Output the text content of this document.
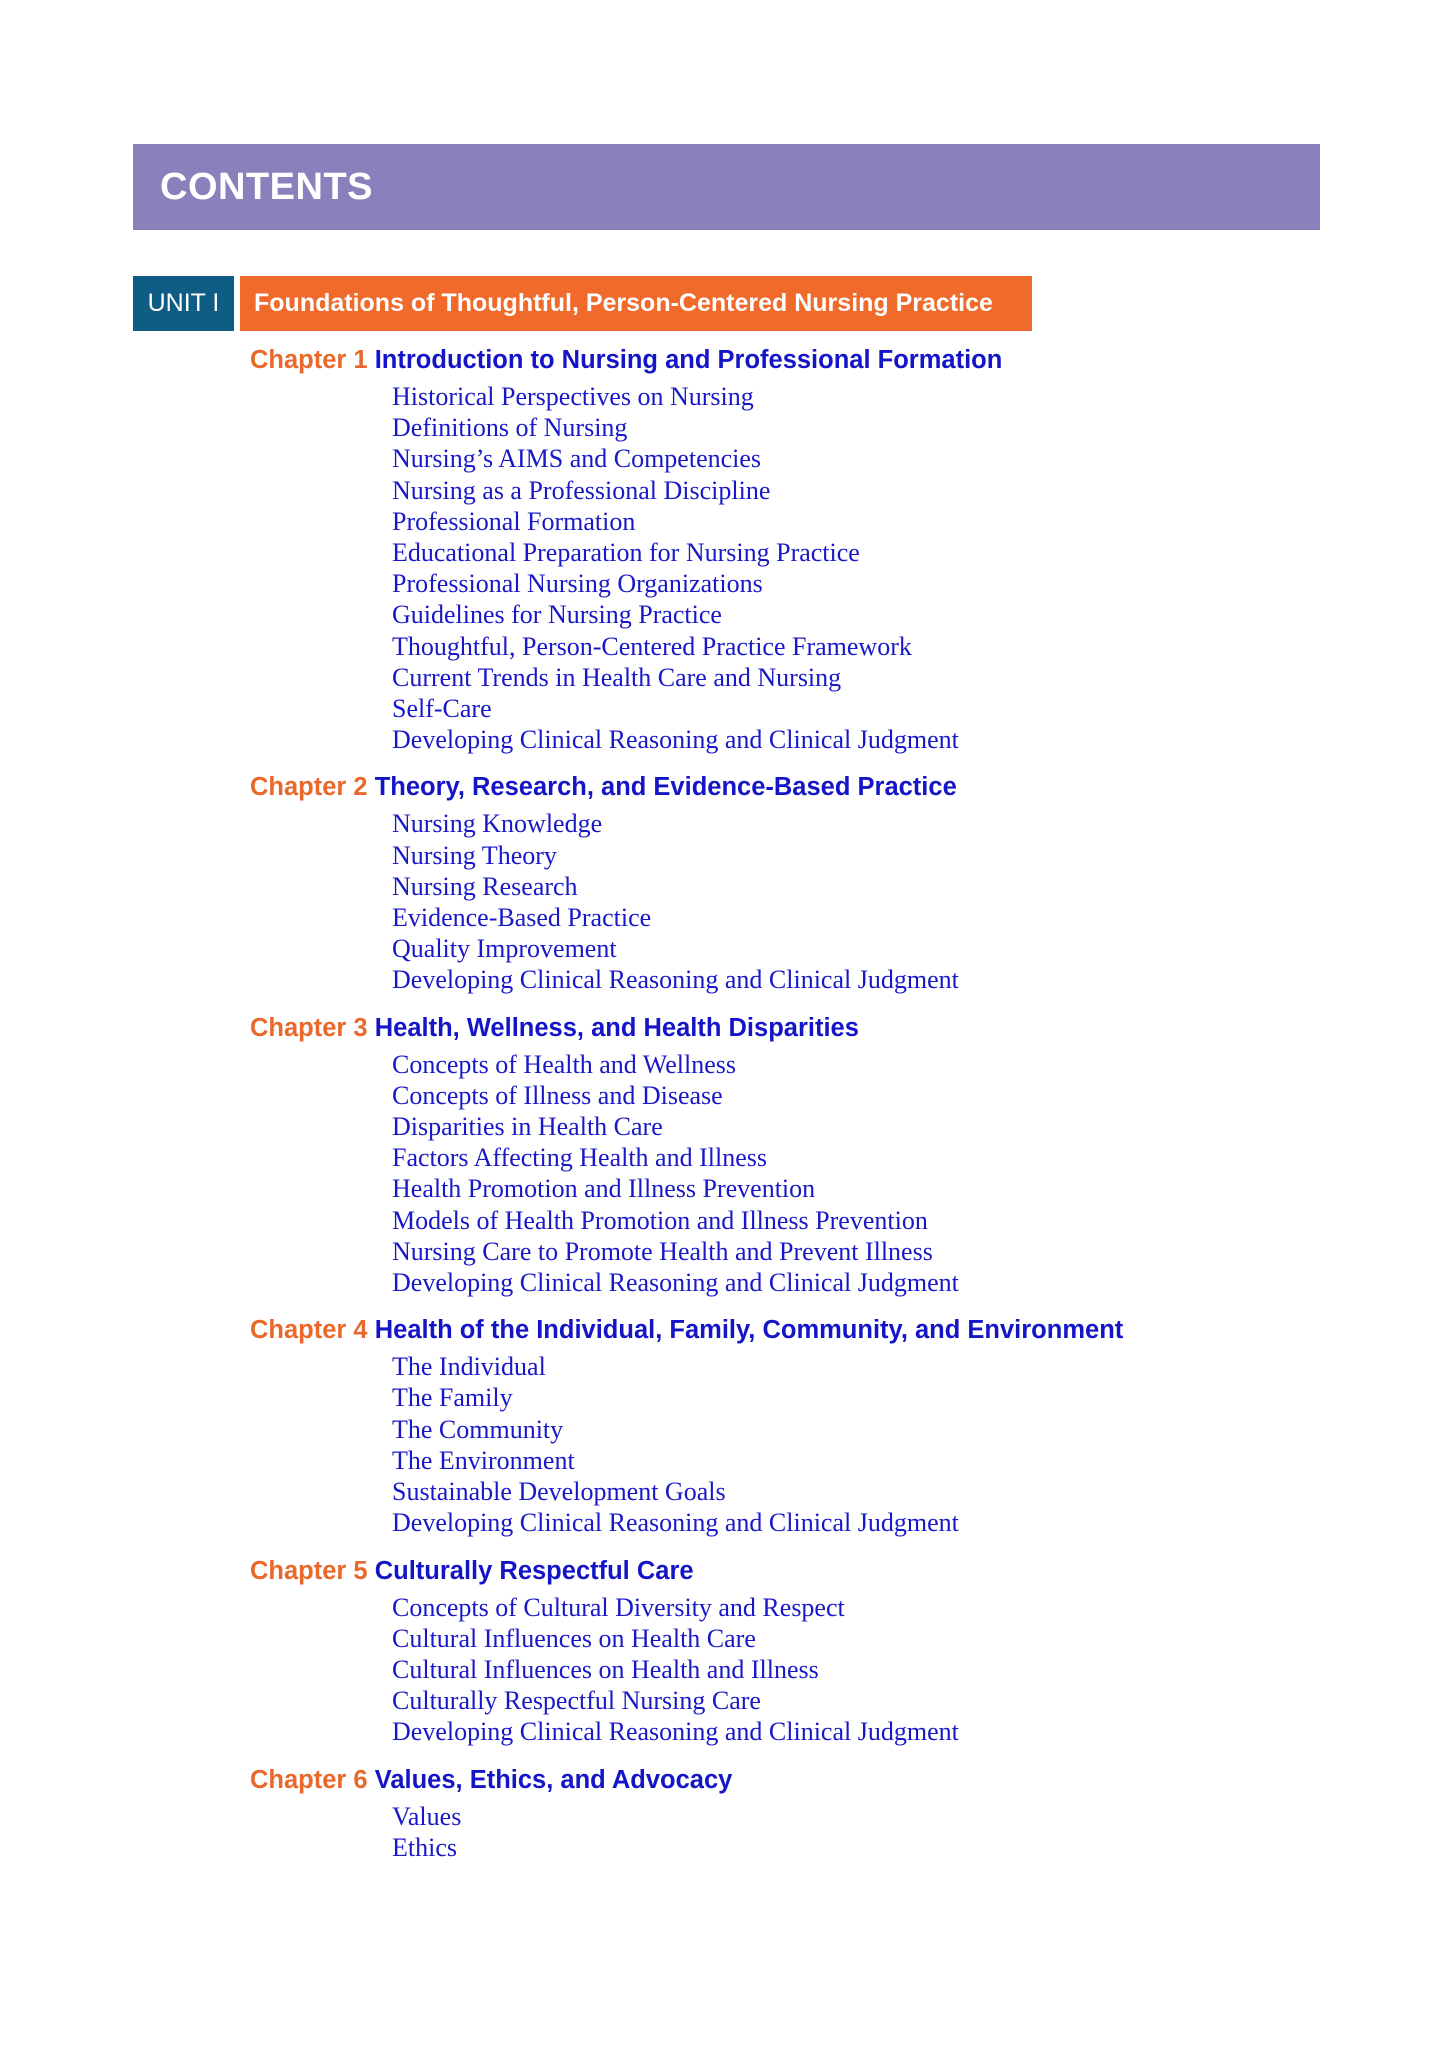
CONTENTS
UNIT I	Foundations of Thoughtful, Person-Centered Nursing Practice
Chapter 1 Introduction to Nursing and Professional Formation
Historical Perspectives on Nursing
Definitions of Nursing
Nursing’s AIMS and Competencies
Nursing as a Professional Discipline
Professional Formation
Educational Preparation for Nursing Practice
Professional Nursing Organizations
Guidelines for Nursing Practice
Thoughtful, Person-Centered Practice Framework
Current Trends in Health Care and Nursing
Self-Care
Developing Clinical Reasoning and Clinical Judgment
Chapter 2 Theory, Research, and Evidence-Based Practice
Nursing Knowledge
Nursing Theory
Nursing Research
Evidence-Based Practice
Quality Improvement
Developing Clinical Reasoning and Clinical Judgment
Chapter 3 Health, Wellness, and Health Disparities
Concepts of Health and Wellness
Concepts of Illness and Disease
Disparities in Health Care
Factors Affecting Health and Illness
Health Promotion and Illness Prevention
Models of Health Promotion and Illness Prevention
Nursing Care to Promote Health and Prevent Illness
Developing Clinical Reasoning and Clinical Judgment
Chapter 4 Health of the Individual, Family, Community, and Environment
The Individual
The Family
The Community
The Environment
Sustainable Development Goals
Developing Clinical Reasoning and Clinical Judgment
Chapter 5 Culturally Respectful Care
Concepts of Cultural Diversity and Respect
Cultural Influences on Health Care
Cultural Influences on Health and Illness
Culturally Respectful Nursing Care
Developing Clinical Reasoning and Clinical Judgment
Chapter 6 Values, Ethics, and Advocacy
Values
Ethics
